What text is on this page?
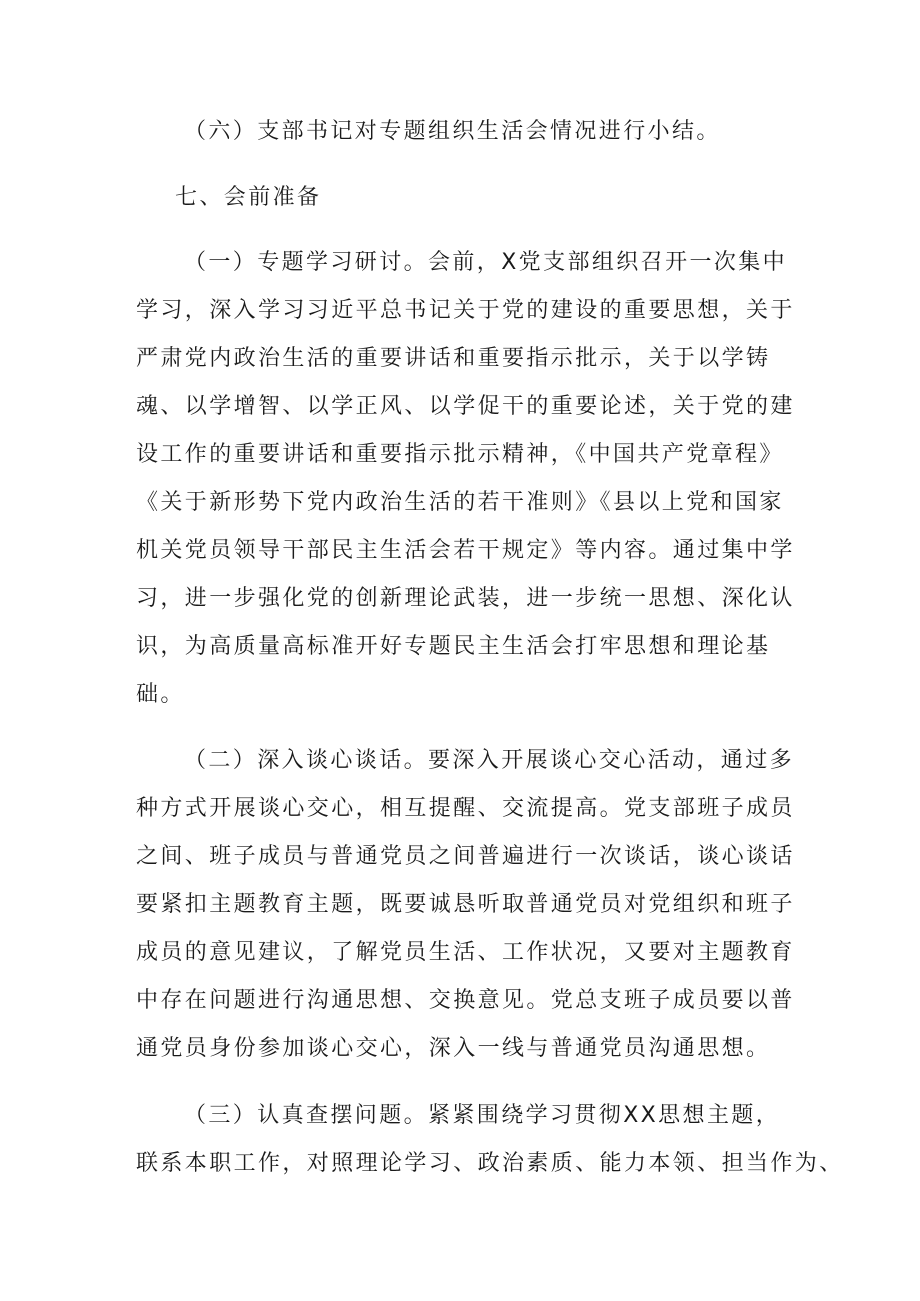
（六）支部书记对专题组织生活会情况进行小结。
七、会前准备
（一）专题学习研讨。会前，X党支部组织召开一次集中
学习，深入学习习近平总书记关于党的建设的重要思想，关于
严肃党内政治生活的重要讲话和重要指示批示，关于以学铸
魂、以学增智、以学正风、以学促干的重要论述，关于党的建
设工作的重要讲话和重要指示批示精神，《中国共产党章程》
《关于新形势下党内政治生活的若干准则》《县以上党和国家
机关党员领导干部民主生活会若干规定》等内容。通过集中学
习，进一步强化党的创新理论武装，进一步统一思想、深化认
识，为高质量高标准开好专题民主生活会打牢思想和理论基
础。
（二）深入谈心谈话。要深入开展谈心交心活动，通过多
种方式开展谈心交心，相互提醒、交流提高。党支部班子成员
之间、班子成员与普通党员之间普遍进行一次谈话，谈心谈话
要紧扣主题教育主题，既要诚恳听取普通党员对党组织和班子
成员的意见建议，了解党员生活、工作状况，又要对主题教育
中存在问题进行沟通思想、交换意见。党总支班子成员要以普
通党员身份参加谈心交心，深入一线与普通党员沟通思想。
（三）认真查摆问题。紧紧围绕学习贯彻XX思想主题，
联系本职工作，对照理论学习、政治素质、能力本领、担当作为、
